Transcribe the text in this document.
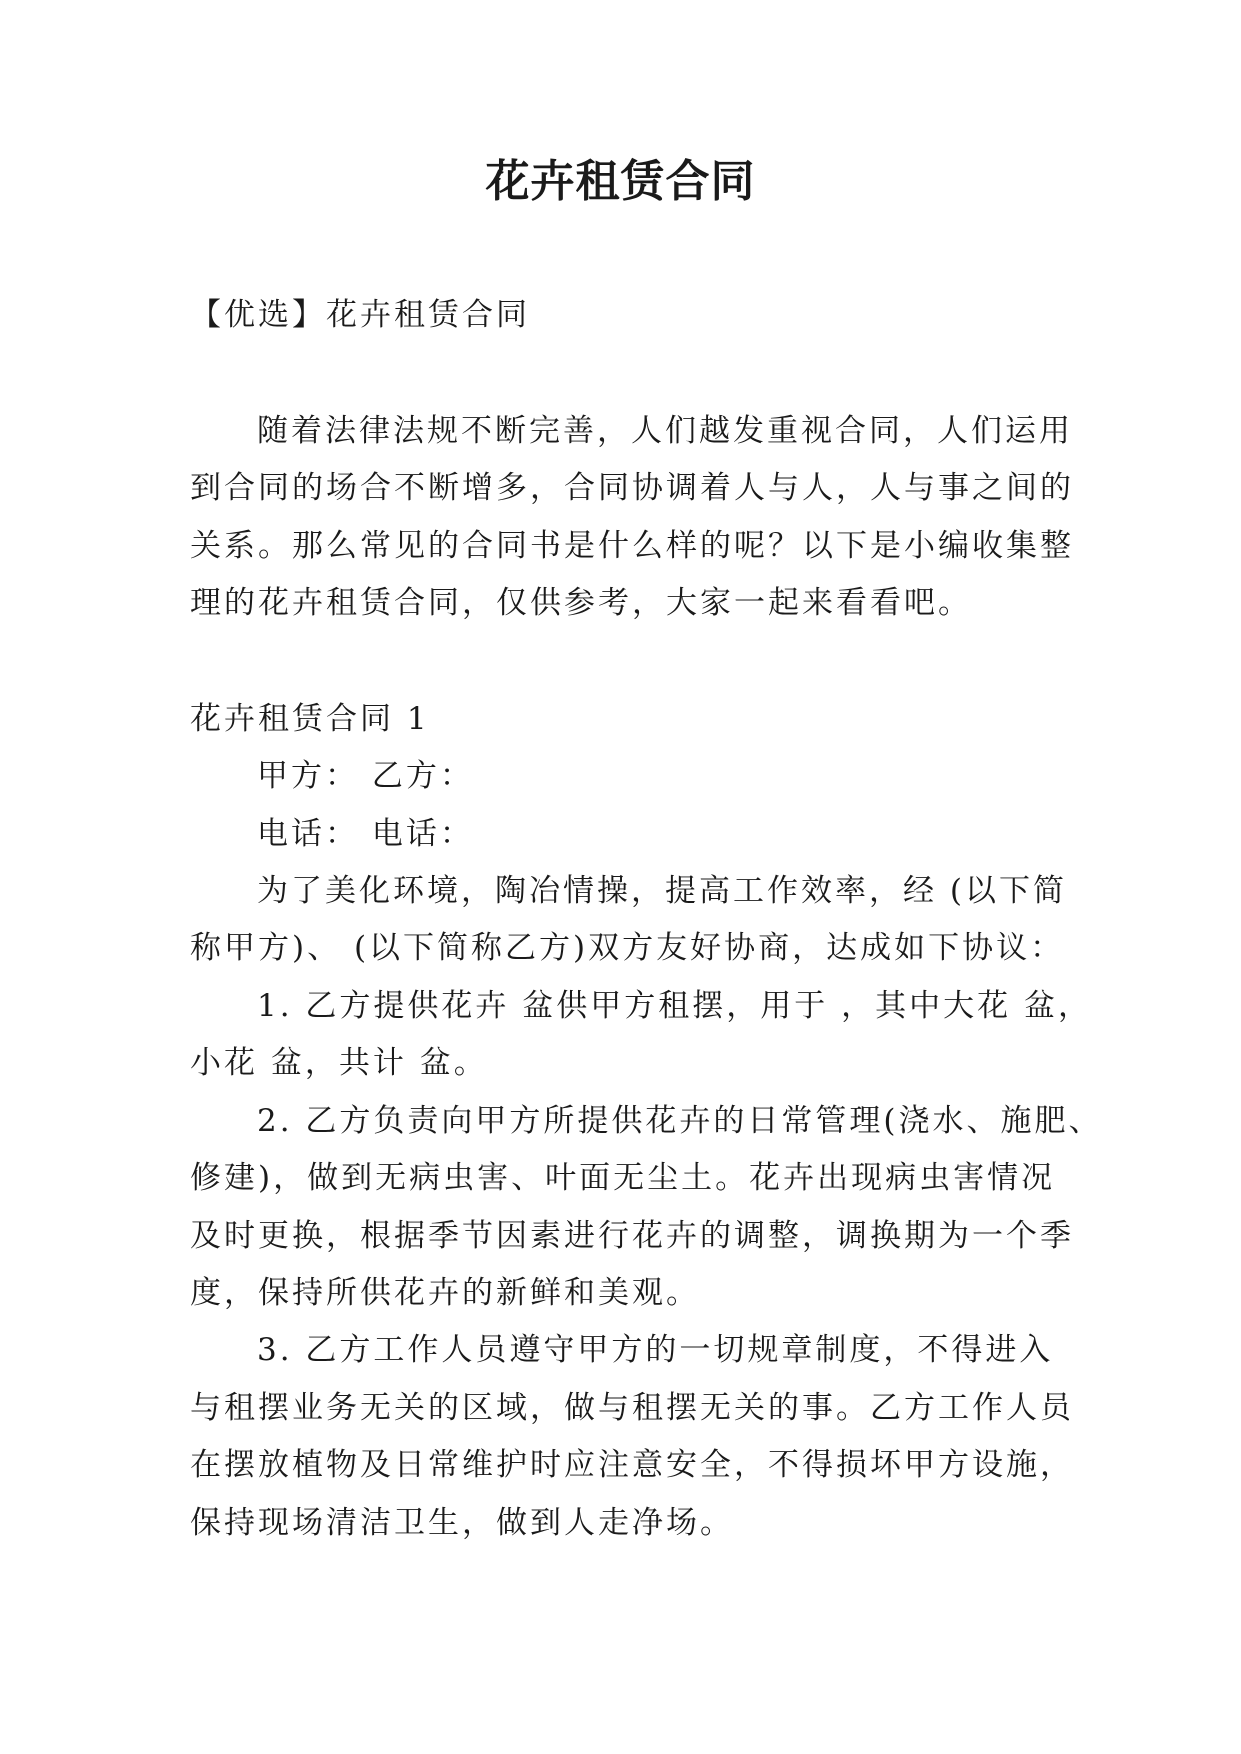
花卉租赁合同
【优选】花卉租赁合同
随着法律法规不断完善，人们越发重视合同，人们运用
到合同的场合不断增多，合同协调着人与人，人与事之间的
关系。那么常见的合同书是什么样的呢？以下是小编收集整
理的花卉租赁合同，仅供参考，大家一起来看看吧。
花卉租赁合同 1
甲方： 乙方：
电话： 电话：
为了美化环境，陶冶情操，提高工作效率，经 (以下简
称甲方)、 (以下简称乙方)双方友好协商，达成如下协议：
1. 乙方提供花卉 盆供甲方租摆，用于 ，其中大花 盆，
小花 盆，共计 盆。
2. 乙方负责向甲方所提供花卉的日常管理(浇水、施肥、
修建)，做到无病虫害、叶面无尘土。花卉出现病虫害情况
及时更换，根据季节因素进行花卉的调整，调换期为一个季
度，保持所供花卉的新鲜和美观。
3. 乙方工作人员遵守甲方的一切规章制度，不得进入
与租摆业务无关的区域，做与租摆无关的事。乙方工作人员
在摆放植物及日常维护时应注意安全，不得损坏甲方设施，
保持现场清洁卫生，做到人走净场。
